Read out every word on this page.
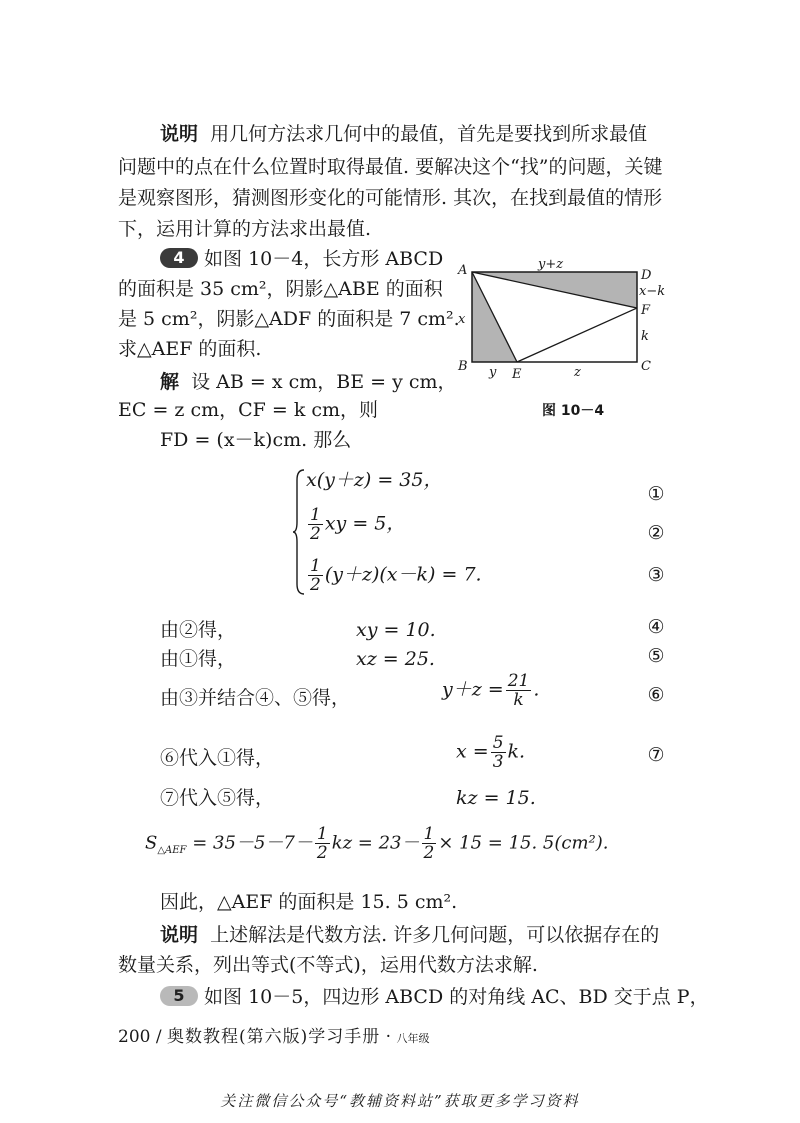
说明 用几何方法求几何中的最值，首先是要找到所求最值
问题中的点在什么位置时取得最值. 要解决这个“找”的问题，关键
是观察图形，猜测图形变化的可能情形. 其次，在找到最值的情形
下，运用计算的方法求出最值.
4 如图 10－4，长方形 ABCD
的面积是 35 cm²，阴影△ABE 的面积
是 5 cm²，阴影△ADF 的面积是 7 cm².
求△AEF 的面积.
解 设 AB = x cm，BE = y cm，
EC = z cm，CF = k cm，则
FD = (x－k)cm. 那么
A	D
B	C
E
F
y+z
x−k
k
x
y	z
图 10－4
x(y＋z) = 35，
$\frac{1}{2}$ xy = 5，
$\frac{1}{2} (y+z)(x-k) = 7$.
①
②
③
由②得，	xy = 10.	④
由①得，	xz = 25.	⑤
由③并结合④、⑤得，	$y+z = \frac{21}{k}$ .	⑥
⑥代入①得，	$x = \frac{5}{3} k$.	⑦
⑦代入⑤得，	kz = 15.
$S_{\triangle AEF} = 35-5-7- \frac{1}{2}$ kz = $23- \frac{1}{2} \times 15 = 15$. 5(cm²).
因此，△AEF 的面积是 15. 5 cm².
说明 上述解法是代数方法. 许多几何问题，可以依据存在的
数量关系，列出等式(不等式)，运用代数方法求解.
5 如图 10－5，四边形 ABCD 的对角线 AC、BD 交于点 P，
200 / 奥数教程(第六版)学习手册 · 八年级
关注微信公众号“教辅资料站”获取更多学习资料
